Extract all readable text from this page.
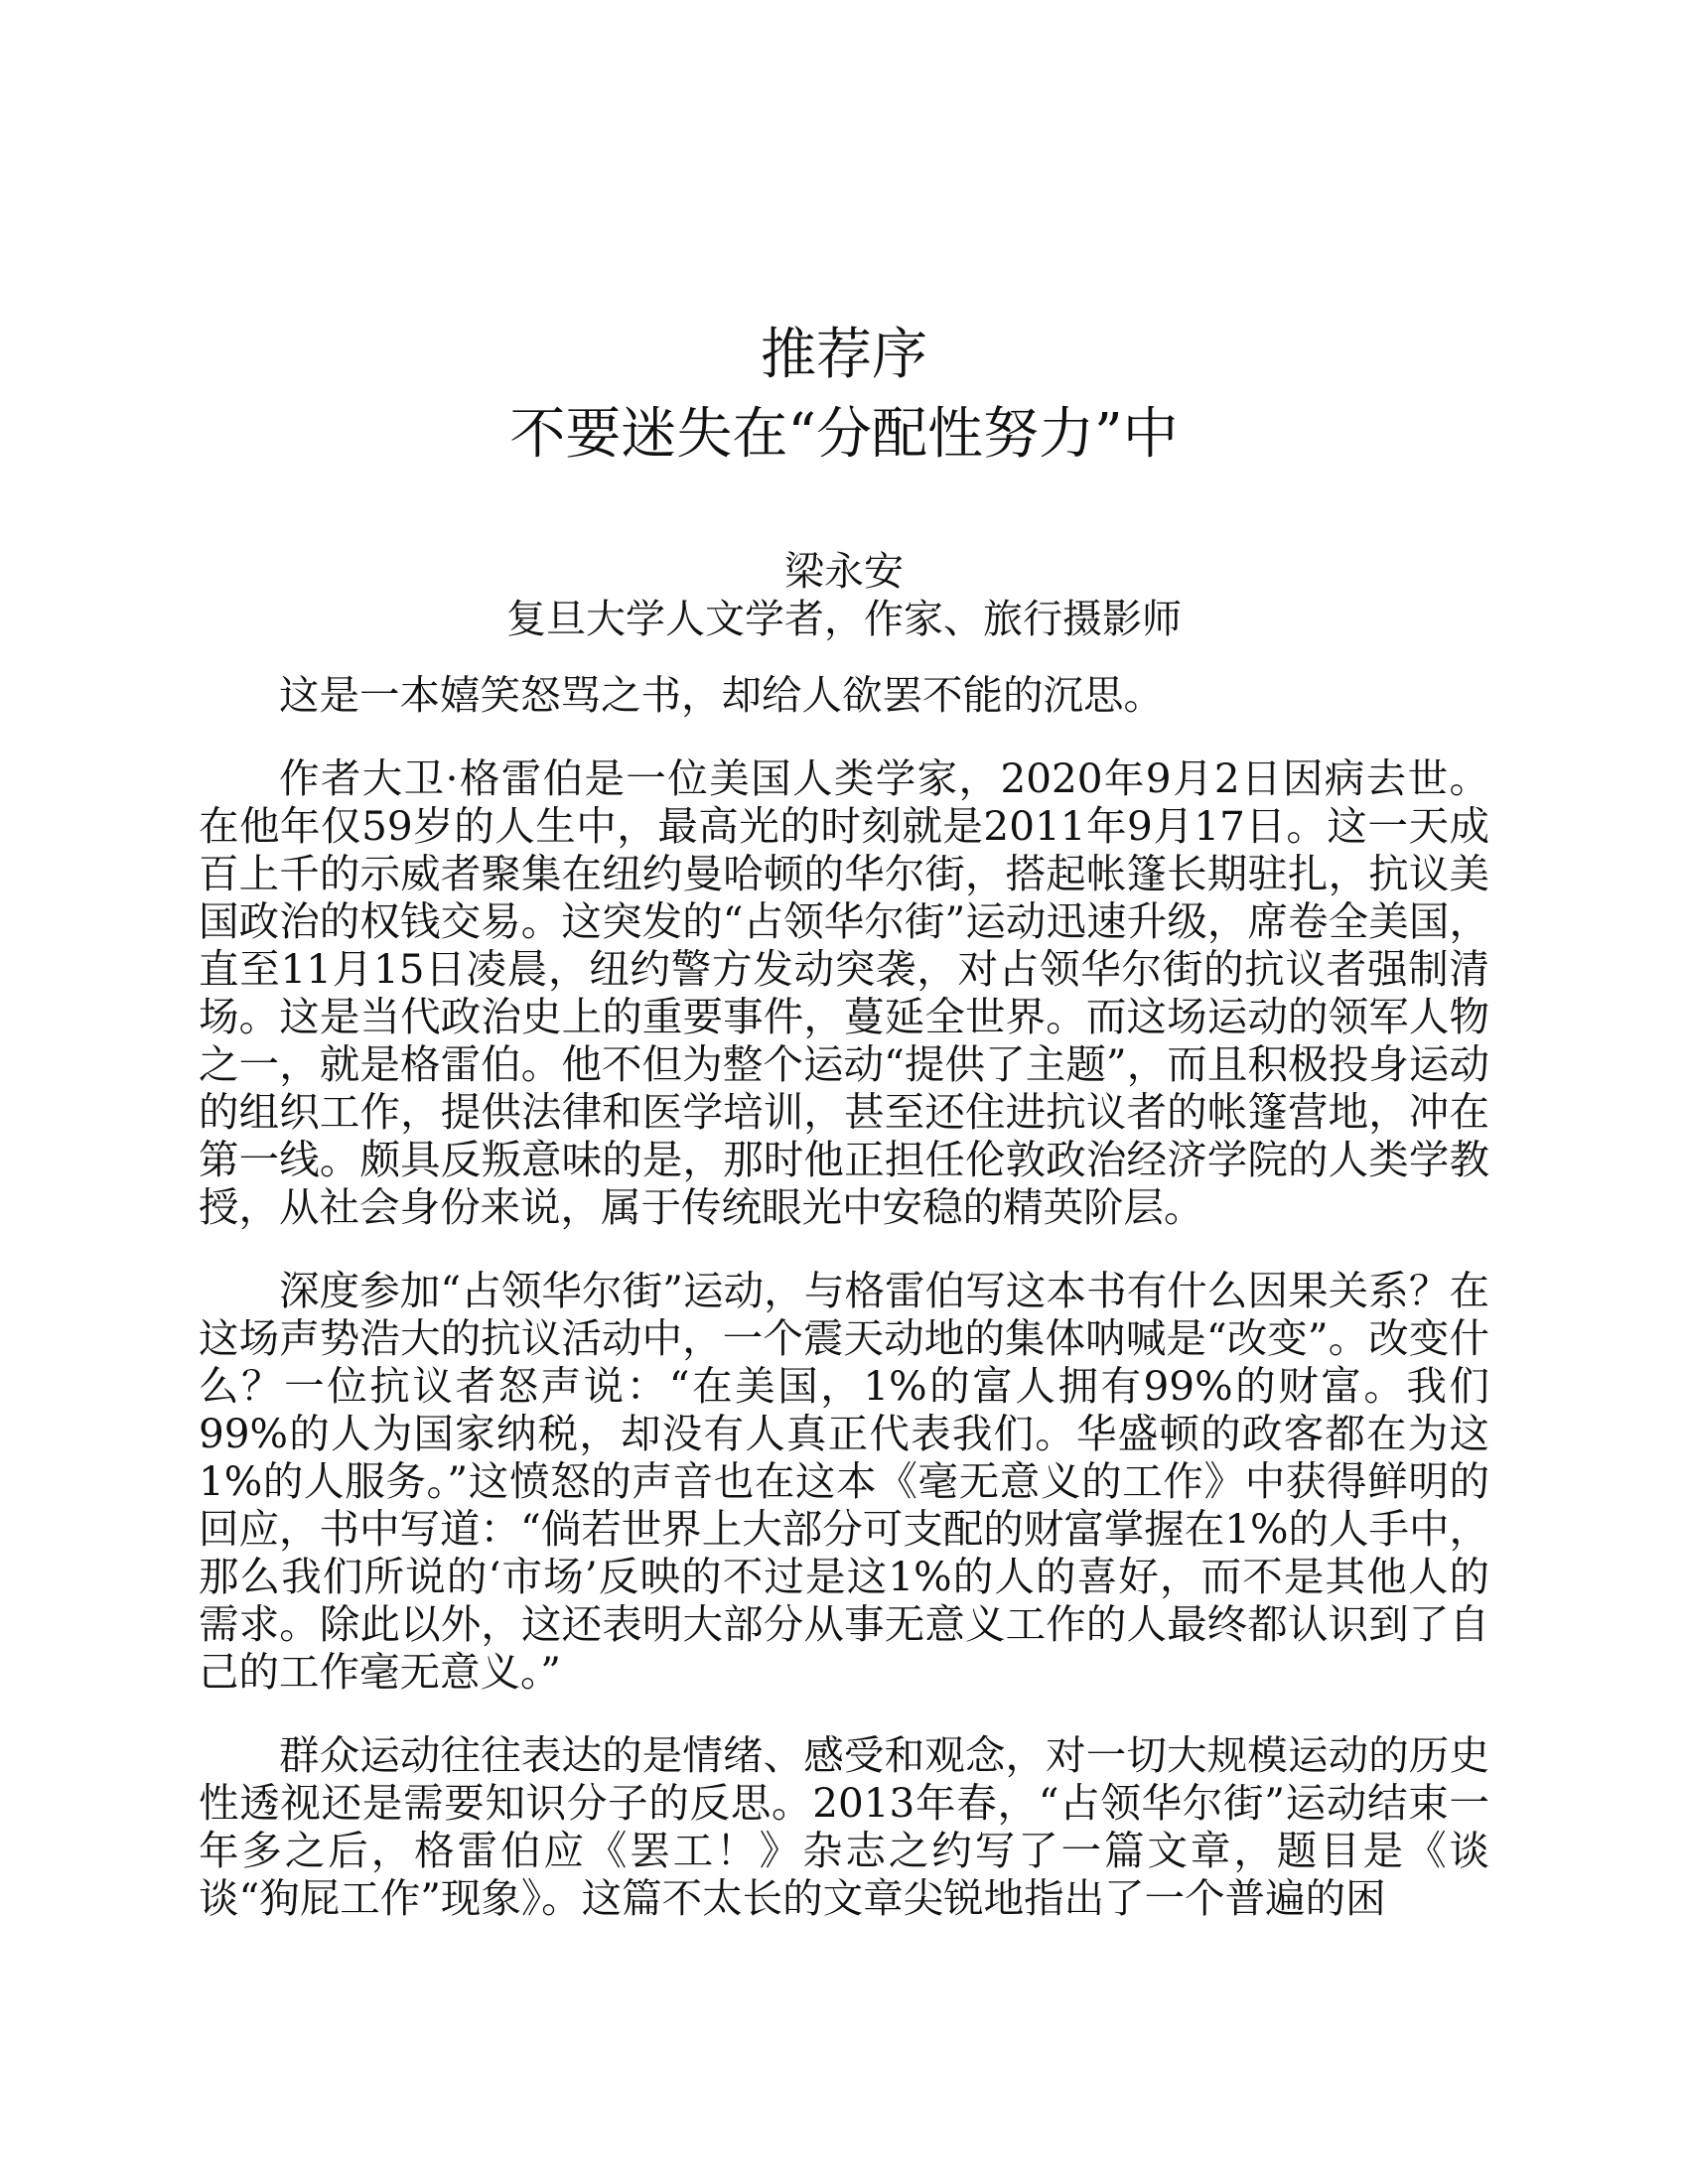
推荐序
不要迷失在“分配性努力”中

梁永安

复旦大学人文学者，作家、旅行摄影师

这是一本嬉笑怒骂之书，却给人欲罢不能的沉思。

作者大卫·格雷伯是一位美国人类学家，2020年9月2日因病去世。在他年仅59岁的人生中，最高光的时刻就是2011年9月17日。这一天成百上千的示威者聚集在纽约曼哈顿的华尔街，搭起帐篷长期驻扎，抗议美国政治的权钱交易。这突发的“占领华尔街”运动迅速升级，席卷全美国，直至11月15日凌晨，纽约警方发动突袭，对占领华尔街的抗议者强制清场。这是当代政治史上的重要事件，蔓延全世界。而这场运动的领军人物之一，就是格雷伯。他不但为整个运动“提供了主题”，而且积极投身运动的组织工作，提供法律和医学培训，甚至还住进抗议者的帐篷营地，冲在第一线。颇具反叛意味的是，那时他正担任伦敦政治经济学院的人类学教授，从社会身份来说，属于传统眼光中安稳的精英阶层。

深度参加“占领华尔街”运动，与格雷伯写这本书有什么因果关系？在这场声势浩大的抗议活动中，一个震天动地的集体呐喊是“改变”。改变什么？一位抗议者怒声说：“在美国，1%的富人拥有99%的财富。我们99%的人为国家纳税，却没有人真正代表我们。华盛顿的政客都在为这1%的人服务。”这愤怒的声音也在这本《毫无意义的工作》中获得鲜明的回应，书中写道：“倘若世界上大部分可支配的财富掌握在1%的人手中，那么我们所说的‘市场’反映的不过是这1%的人的喜好，而不是其他人的需求。除此以外，这还表明大部分从事无意义工作的人最终都认识到了自己的工作毫无意义。”

群众运动往往表达的是情绪、感受和观念，对一切大规模运动的历史性透视还是需要知识分子的反思。2013年春，“占领华尔街”运动结束一年多之后，格雷伯应《罢工！》杂志之约写了一篇文章，题目是《谈谈“狗屁工作”现象》。这篇不太长的文章尖锐地指出了一个普遍的困
